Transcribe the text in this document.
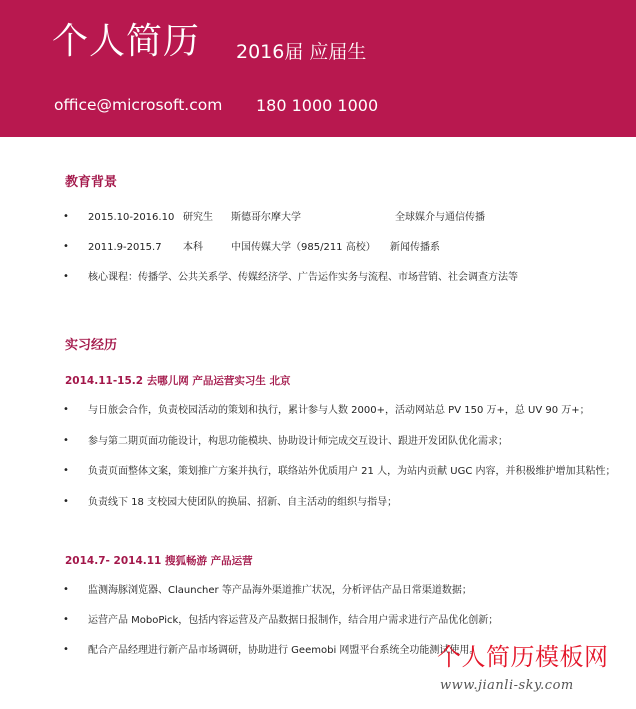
个人简历 2016届 应届生
office@microsoft.com 180 1000 1000
教育背景
• 2015.10-2016.10 研究生 斯德哥尔摩大学	全球媒介与通信传播
• 2011.9-2015.7 本科	中国传媒大学（985/211 高校） 新闻传播系
• 核心课程：传播学、公共关系学、传媒经济学、广告运作实务与流程、市场营销、社会调查方法等
实习经历
2014.11-15.2 去哪儿网 产品运营实习生 北京
• 与日旅会合作，负责校园活动的策划和执行，累计参与人数 2000+，活动网站总 PV 150 万+，总 UV 90 万+；
• 参与第二期页面功能设计，构思功能模块、协助设计师完成交互设计、跟进开发团队优化需求；
• 负责页面整体文案，策划推广方案并执行，联络站外优质用户 21 人，为站内贡献 UGC 内容，并积极维护增加其粘性；
• 负责线下 18 支校园大使团队的换届、招新、自主活动的组织与指导；
2014.7- 2014.11 搜狐畅游 产品运营
• 监测海豚浏览器、Clauncher 等产品海外渠道推广状况，分析评估产品日常渠道数据；
• 运营产品 MoboPick，包括内容运营及产品数据日报制作，结合用户需求进行产品优化创新；
• 配合产品经理进行新产品市场调研，协助进行 Geemobi 网盟平台系统全功能测试使用。
个人简历模板网
www.jianli-sky.com
